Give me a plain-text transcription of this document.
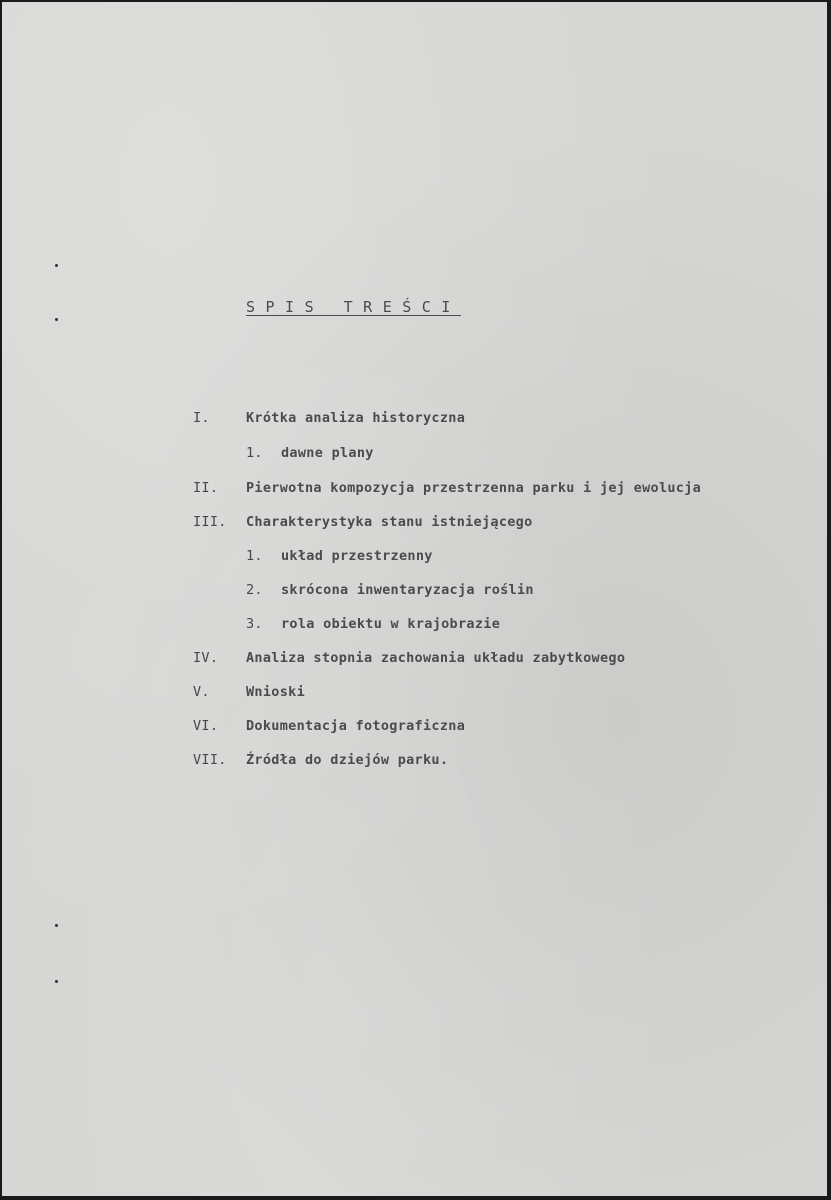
SPIS TREŚCI
I.	Krótka analiza historyczna
1. dawne plany
II. Pierwotna kompozycja przestrzenna parku i jej ewolucja
III. Charakterystyka stanu istniejącego
1. układ przestrzenny
2. skrócona inwentaryzacja roślin
3. rola obiektu w krajobrazie
IV. Analiza stopnia zachowania układu zabytkowego
V.	Wnioski
VI. Dokumentacja fotograficzna
VII. Źródła do dziejów parku.
